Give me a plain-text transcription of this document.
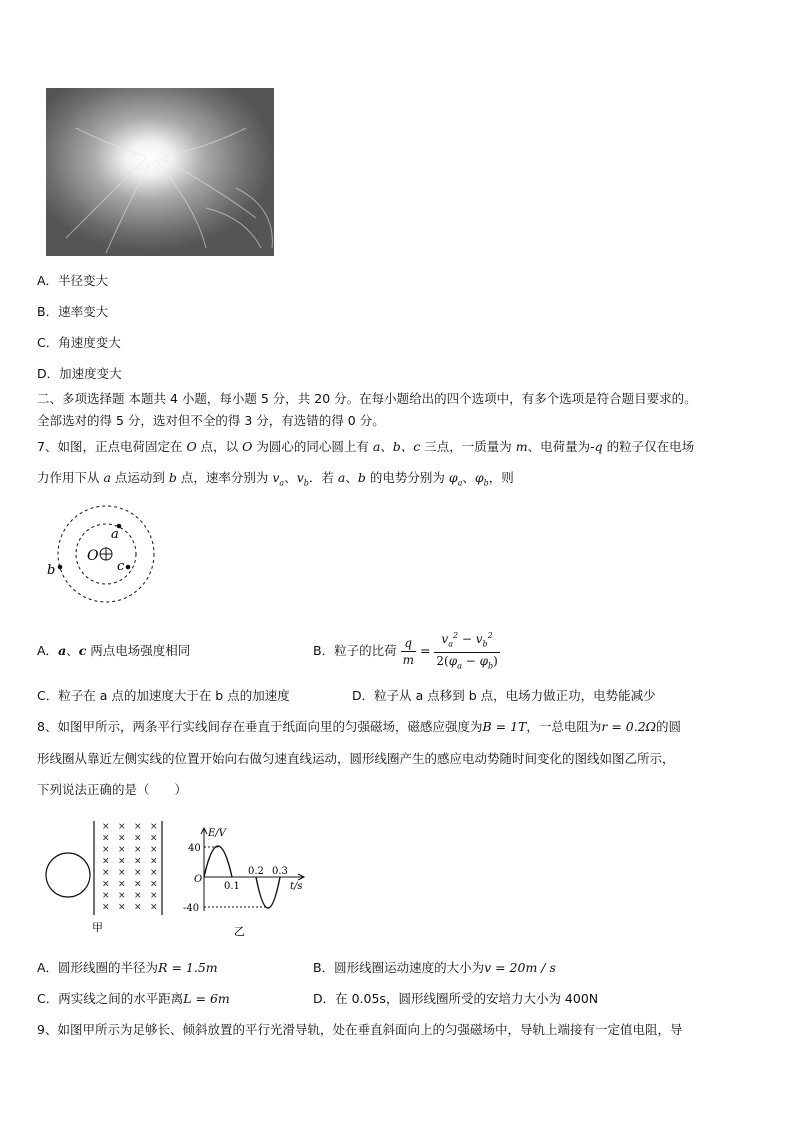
A．半径变大
B．速率变大
C．角速度变大
D．加速度变大
二、多项选择题 本题共 4 小题，每小题 5 分，共 20 分。在每小题给出的四个选项中，有多个选项是符合题目要求的。
全部选对的得 5 分，选对但不全的得 3 分，有选错的得 0 分。
7、如图，正点电荷固定在 O 点，以 O 为圆心的同心圆上有 a、b、c 三点，一质量为 m、电荷量为-q 的粒子仅在电场
力作用下从 a 点运动到 b 点，速率分别为 $v_a$、$v_b$．若 a、b 的电势分别为 $\varphi_a$、$\varphi_b$，则
O
a
b	c
A．a、c 两点电场强度相同	B．粒子的比荷 $\frac{q}{m} = \frac{v_a^2 - v_b^2}{2(\varphi_a - \varphi_b)}$
C．粒子在 a 点的加速度大于在 b 点的加速度	D．粒子从 a 点移到 b 点，电场力做正功，电势能减少
8、如图甲所示，两条平行实线间存在垂直于纸面向里的匀强磁场，磁感应强度为B = 1T，一总电阻为r = 0.2Ω的圆
形线圈从靠近左侧实线的位置开始向右做匀速直线运动，圆形线圈产生的感应电动势随时间变化的图线如图乙所示，
下列说法正确的是（　　）
× × × ×
× × × ×
× × × ×
× × × ×
× × × ×
× × × ×
× × × ×
× × × ×
甲
E/V
t/s
O
40
-40
0.1
0.2 0.3
乙
A．圆形线圈的半径为R = 1.5m	B．圆形线圈运动速度的大小为v = 20m / s
C．两实线之间的水平距离L = 6m	D．在 0.05s，圆形线圈所受的安培力大小为 400N
9、如图甲所示为足够长、倾斜放置的平行光滑导轨，处在垂直斜面向上的匀强磁场中，导轨上端接有一定值电阻，导
